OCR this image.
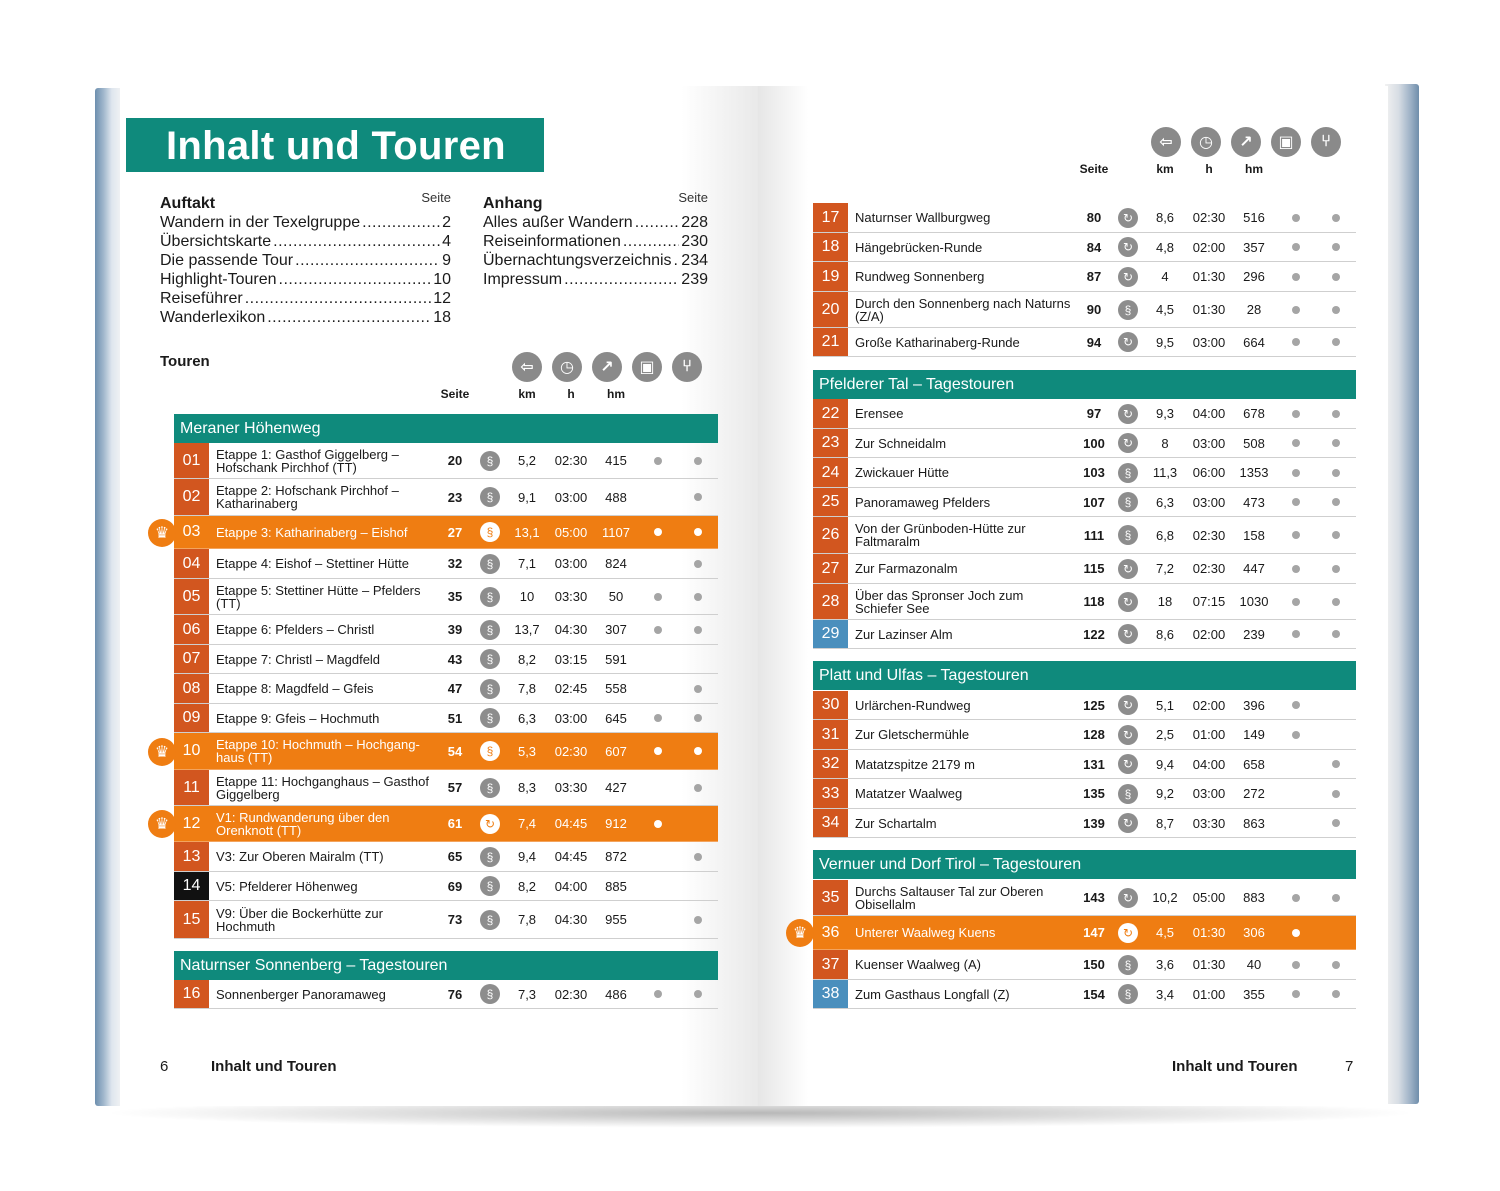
Inhalt und Touren
Auftakt	Seite
Wandern in der Texelgruppe .....	2
Übersichtskarte .....	4
Die passende Tour .....	9
Highlight-Touren .....	10
Reiseführer .....	12
Wanderlexikon .....	18
Anhang	Seite
Alles außer Wandern .....	228
Reiseinformationen .....	230
Übernachtungsverzeichnis ..... 234
Impressum .....	239
Touren	⇦	◷	↗	▣	⑂
Seite	km	h	hm
⇦	◷	↗	▣	⑂
Seite	km	h	hm
Meraner Höhenweg
01	Etappe 1: Gasthof Giggelberg – Hofschank Pirchhof (TT)	20	§	5,2 02:30 415
02	Etappe 2: Hofschank Pirchhof – Katharinaberg	23	§	9,1 03:00 488
03	Etappe 3: Katharinaberg – Eishof	27	§	13,1 05:00 1107
♛
04	Etappe 4: Eishof – Stettiner Hütte	32	§	7,1 03:00 824
05	Etappe 5: Stettiner Hütte – Pfelders (TT)	35	§	10 03:30 50
06	Etappe 6: Pfelders – Christl	39	§	13,7 04:30 307
07	Etappe 7: Christl – Magdfeld	43	§	8,2 03:15 591
08	Etappe 8: Magdfeld – Gfeis	47	§	7,8 02:45 558
09	Etappe 9: Gfeis – Hochmuth	51	§	6,3 03:00 645
10	Etappe 10: Hochmuth – Hochgang-haus (TT)	54	§	5,3 02:30 607
♛
11	Etappe 11: Hochganghaus – Gasthof Giggelberg	57	§	8,3 03:30 427
12	V1: Rundwanderung über den Orenknott (TT)	61	↻	7,4 04:45 912
♛
13	V3: Zur Oberen Mairalm (TT)	65	§	9,4 04:45 872
14	V5: Pfelderer Höhenweg	69	§	8,2 04:00 885
15	V9: Über die Bockerhütte zur Hochmuth	73	§	7,8 04:30 955
Naturnser Sonnenberg – Tagestouren
16	Sonnenberger Panoramaweg	76	§	7,3 02:30 486
17	Naturnser Wallburgweg	80	↻	8,6 02:30 516
18	Hängebrücken-Runde	84	↻	4,8 02:00 357
19	Rundweg Sonnenberg	87	↻	4 01:30 296
20	Durch den Sonnenberg nach Naturns (Z/A)	90	§	4,5 01:30 28
21	Große Katharinaberg-Runde	94	↻	9,5 03:00 664
Pfelderer Tal – Tagestouren
22	Erensee	97	↻	9,3 04:00 678
23	Zur Schneidalm	100	↻	8 03:00 508
24	Zwickauer Hütte	103	§	11,3 06:00 1353
25	Panoramaweg Pfelders	107	§	6,3 03:00 473
26	Von der Grünboden-Hütte zur Faltmaralm	111	§	6,8 02:30 158
27	Zur Farmazonalm	115	↻	7,2 02:30 447
28	Über das Spronser Joch zum Schiefer See	118	↻	18 07:15 1030
29	Zur Lazinser Alm	122	↻	8,6 02:00 239
Platt und Ulfas – Tagestouren
30	Urlärchen-Rundweg	125	↻	5,1 02:00 396
31	Zur Gletschermühle	128	↻	2,5 01:00 149
32	Matatzspitze 2179 m	131	↻	9,4 04:00 658
33	Matatzer Waalweg	135	§	9,2 03:00 272
34	Zur Schartalm	139	↻	8,7 03:30 863
Vernuer und Dorf Tirol – Tagestouren
35	Durchs Saltauser Tal zur Oberen Obisellalm	143	↻	10,2 05:00 883
36	Unterer Waalweg Kuens	147	↻	4,5 01:30 306
♛
37	Kuenser Waalweg (A)	150	§	3,6 01:30 40
38	Zum Gasthaus Longfall (Z)	154	§	3,4 01:00 355
6	Inhalt und Touren	Inhalt und Touren	7
